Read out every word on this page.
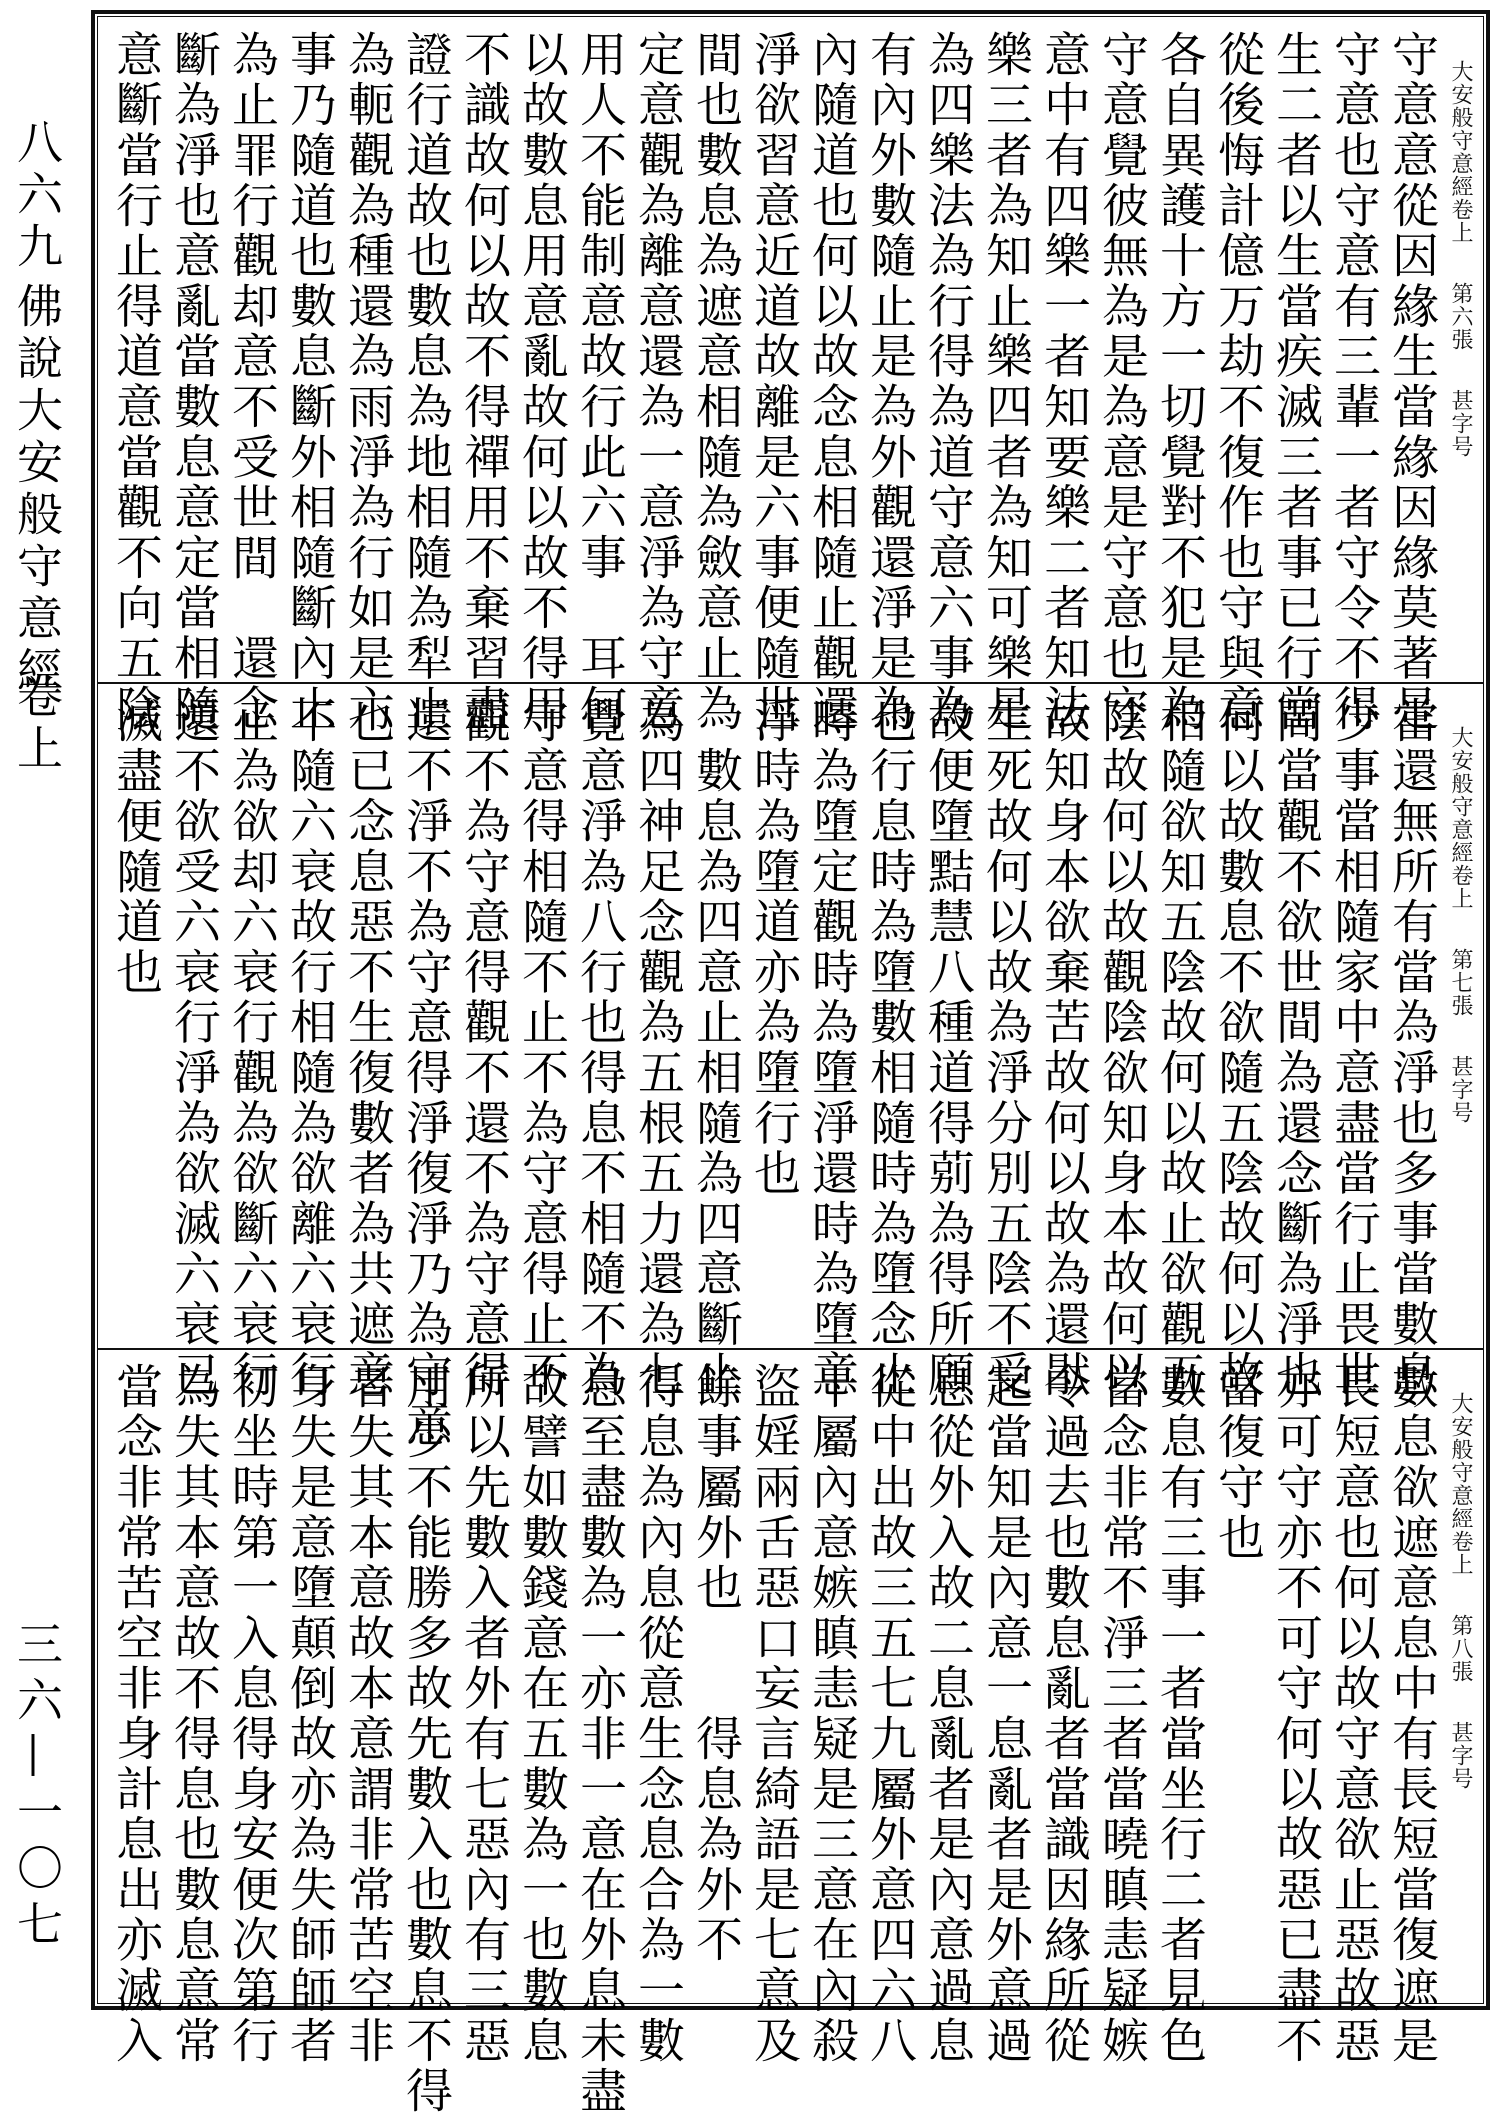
八六九
佛說大安般守意經
卷上
三六—一〇七
大安般守意經卷上第六張甚字号
守意意從因緣生當緣因緣莫著是
守意也守意有三輩一者守令不得
生二者以生當疾滅三者事已行當
從後悔計億万劫不復作也守與意
各自異護十方一切覺對不犯是為
守意覺彼無為是為意是守意也守
意中有四樂一者知要樂二者知法
樂三者為知止樂四者為知可樂是
為四樂法為行得為道守意六事為
有內外數隨止是為外觀還淨是為
內隨道也何以故念息相隨止觀還
淨欲習意近道故離是六事便隨世
間也數息為遮意相隨為斂意止為
定意觀為離意還為一意淨為守意
用人不能制意故行此六事　耳何
以故數息用意亂故何以故不得用
不識故何以故不得禪用不棄習盡
證行道故也數息為地相隨為犁止
為軛觀為種還為雨淨為行如是六
事乃隨道也數息斷外相隨斷內止
為止罪行觀却意不受世間　還念
斷為淨也意亂當數息意定當相隨
意斷當行止得道意當觀不向五陰
大安般守意經卷上第七張甚字号
當還無所有當為淨也多事當數息
少事當相隨家中意盡當行止畏世
間當觀不欲世間為還念斷為淨也
何以故數息不欲隨五陰故何以故
相隨欲知五陰故何以故止欲觀五
陰故何以故觀陰欲知身本故何以
故知身本欲棄苦故何以故為還猒
生死故何以故為淨分別五陰不受
故便墮黠慧八種道得莂為得所願
也行息時為墮數相隨時為墮念止
時為墮定觀時為墮淨還時為墮意
淨時為墮道亦為墮行也
　數息為四意止相隨為四意斷止
為四神足念觀為五根五力還為七
覺意淨為八行也得息不相隨不為
守意得相隨不止不為守意得止不
觀不為守意得觀不還不為守意得
還不淨不為守意得淨復淨乃為守意
也已念息惡不生復數者為共遮意
不隨六衰故行相隨為欲離六衰行
止為欲却六衰行觀為欲斷六衰行
還不欲受六衰行淨為欲滅六衰已
滅盡便隨道也
大安般守意經卷上第八張甚字号
數息欲遮意息中有長短當復遮是
長短意也何以故守意欲止惡故惡
亦可守亦不可守何以故惡已盡不
當復守也
數息有三事一者當坐行二者見色
當念非常不淨三者當曉瞋恚疑嫉
令過去也數息亂者當識因緣所從
起當知是內意一息亂者是外意過
息從外入故二息亂者是內意過息
從中出故三五七九屬外意四六八
十屬內意嫉瞋恚疑是三意在內殺
盜婬兩舌惡口妄言綺語是七意及
餘事屬外也　　得息為外不
得息為內息從意生念息合為一數
息至盡數為一亦非一意在外息未盡
故譬如數錢意在五數為一也數息
所以先數入者外有七惡內有三惡
用少不能勝多故先數入也數息不得
者失其本意故本意謂非常苦空非
身失是意墮顛倒故亦為失師師者
初坐時第一入息得身安便次第行
為失其本意故不得息也數息意常
當念非常苦空非身計息出亦滅入
